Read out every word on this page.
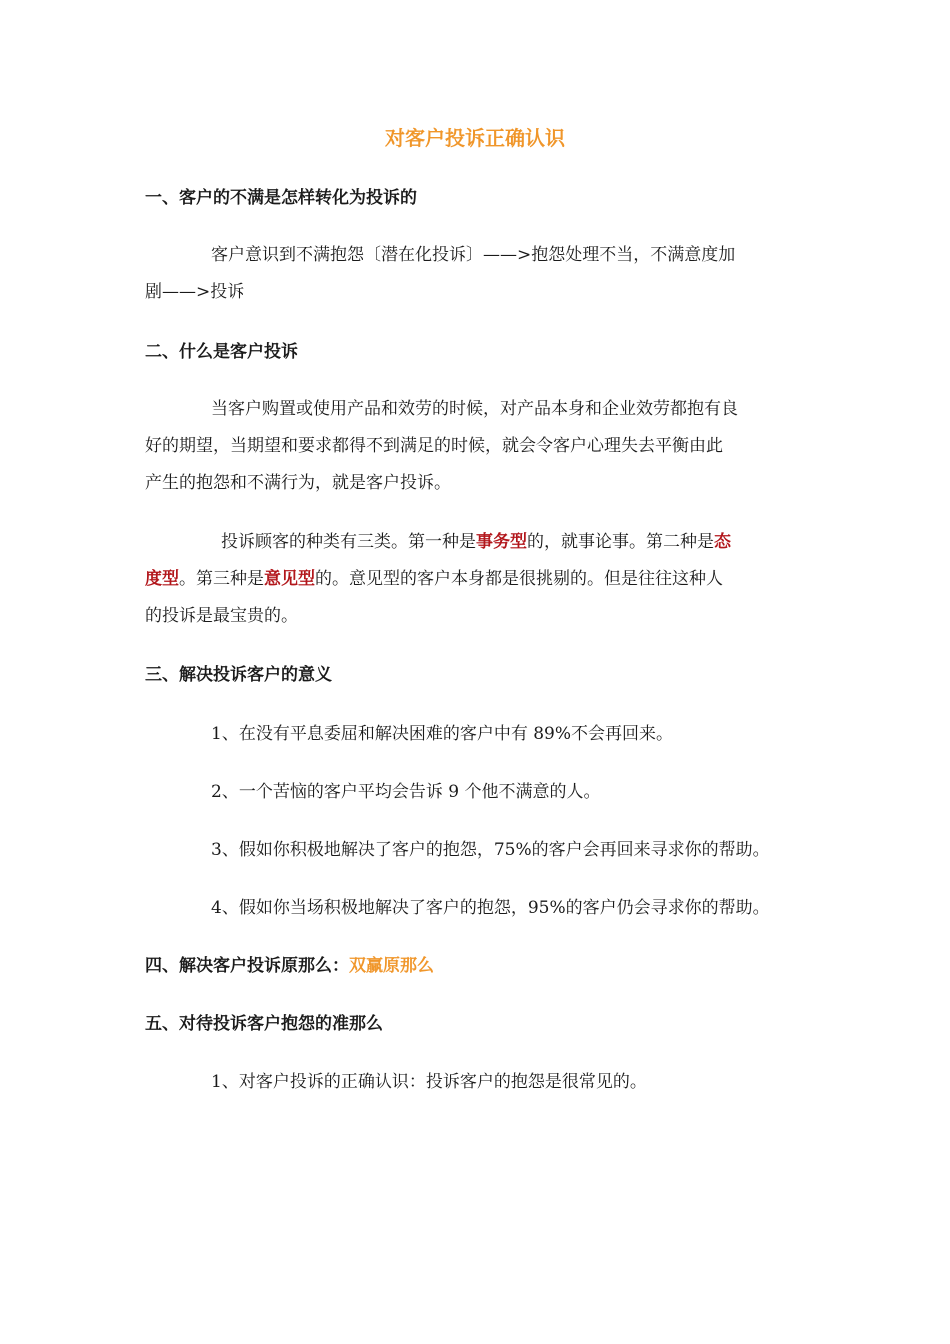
对客户投诉正确认识
一、客户的不满是怎样转化为投诉的
客户意识到不满抱怨〔潜在化投诉〕——>抱怨处理不当，不满意度加
剧——>投诉
二、什么是客户投诉
当客户购置或使用产品和效劳的时候，对产品本身和企业效劳都抱有良
好的期望，当期望和要求都得不到满足的时候，就会令客户心理失去平衡由此
产生的抱怨和不满行为，就是客户投诉。
投诉顾客的种类有三类。第一种是事务型的，就事论事。第二种是态
度型。第三种是意见型的。意见型的客户本身都是很挑剔的。但是往往这种人
的投诉是最宝贵的。
三、解决投诉客户的意义
1、在没有平息委屈和解决困难的客户中有 89%不会再回来。
2、一个苦恼的客户平均会告诉 9 个他不满意的人。
3、假如你积极地解决了客户的抱怨，75%的客户会再回来寻求你的帮助。
4、假如你当场积极地解决了客户的抱怨，95%的客户仍会寻求你的帮助。
四、解决客户投诉原那么：双赢原那么
五、对待投诉客户抱怨的准那么
1、对客户投诉的正确认识：投诉客户的抱怨是很常见的。
